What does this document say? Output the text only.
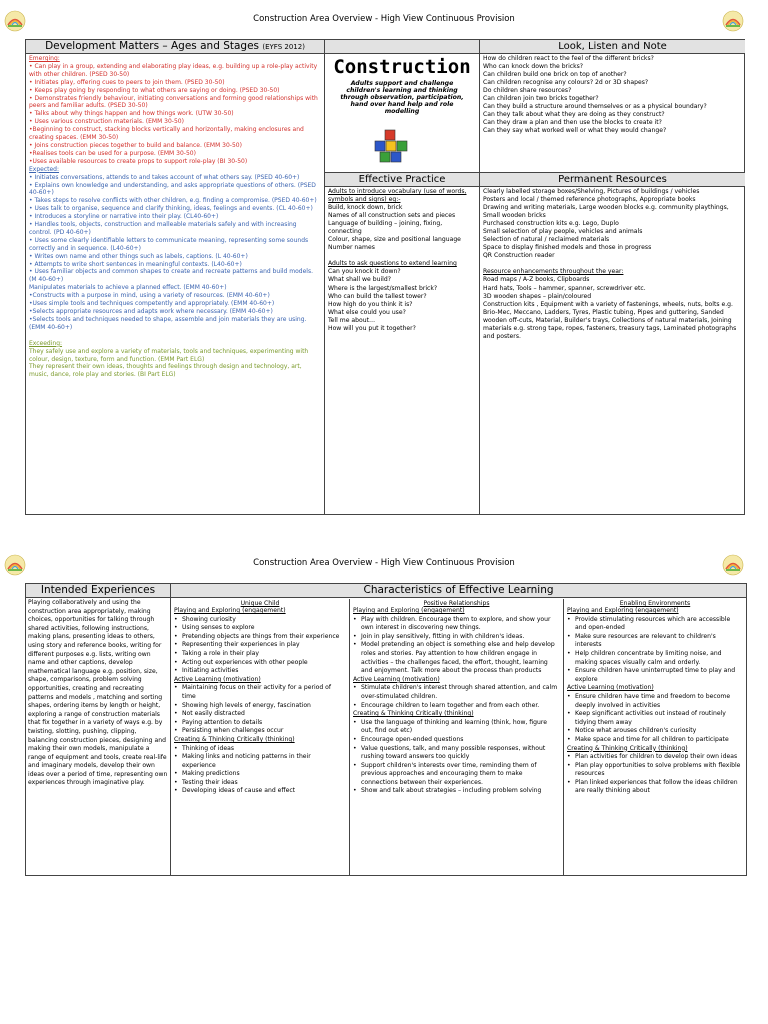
Construction Area Overview - High View Continuous Provision
Development Matters – Ages and Stages (EYFS 2012)
Emerging:
• Can play in a group, extending and elaborating play ideas, e.g. building up a role-play activity with other children. (PSED 30-50)
• Initiates play, offering cues to peers to join them. (PSED 30-50)
• Keeps play going by responding to what others are saying or doing. (PSED 30-50)
• Demonstrates friendly behaviour, initiating conversations and forming good relationships with peers and familiar adults. (PSED 30-50)
• Talks about why things happen and how things work. (UTW 30-50)
• Uses various construction materials. (EMM 30-50)
•Beginning to construct, stacking blocks vertically and horizontally, making enclosures and creating spaces. (EMM 30-50)
• Joins construction pieces together to build and balance. (EMM 30-50)
•Realises tools can be used for a purpose. (EMM 30-50)
•Uses available resources to create props to support role-play (BI 30-50)
Expected:
• Initiates conversations, attends to and takes account of what others say. (PSED 40-60+)
• Explains own knowledge and understanding, and asks appropriate questions of others. (PSED 40-60+)
• Takes steps to resolve conflicts with other children, e.g. finding a compromise. (PSED 40-60+)
• Uses talk to organise, sequence and clarify thinking, ideas, feelings and events. (CL 40-60+)
• Introduces a storyline or narrative into their play. (CL40-60+)
• Handles tools, objects, construction and malleable materials safely and with increasing control. (PD 40-60+)
• Uses some clearly identifiable letters to communicate meaning, representing some sounds correctly and in sequence. (L40-60+)
• Writes own name and other things such as labels, captions. (L 40-60+)
• Attempts to write short sentences in meaningful contexts. (L40-60+)
• Uses familiar objects and common shapes to create and recreate patterns and build models. (M 40-60+)
Manipulates materials to achieve a planned effect. (EMM 40-60+)
•Constructs with a purpose in mind, using a variety of resources. (EMM 40-60+)
•Uses simple tools and techniques competently and appropriately. (EMM 40-60+)
•Selects appropriate resources and adapts work where necessary. (EMM 40-60+)
•Selects tools and techniques needed to shape, assemble and join materials they are using. (EMM 40-60+)
Exceeding:
They safely use and explore a variety of materials, tools and techniques, experimenting with colour, design, texture, form and function. (EMM Part ELG)
They represent their own ideas, thoughts and feelings through design and technology, art, music, dance, role play and stories. (BI Part ELG)
Construction
Adults support and challenge children's learning and thinking through observation, participation, hand over hand help and role modelling
Look, Listen and Note
How do children react to the feel of the different bricks?
Who can knock down the bricks?
Can children build one brick on top of another?
Can children recognise any colours? 2d or 3D shapes?
Do children share resources?
Can children join two bricks together?
Can they build a structure around themselves or as a physical boundary?
Can they talk about what they are doing as they construct?
Can they draw a plan and then use the blocks to create it?
Can they say what worked well or what they would change?
Effective Practice
Adults to introduce vocabulary (use of words, symbols and signs) eg:-
Build, knock down, brick
Names of all construction sets and pieces
Language of building – joining, fixing, connecting
Colour, shape, size and positional language
Number names
Adults to ask questions to extend learning
Can you knock it down?
What shall we build?
Where is the largest/smallest brick?
Who can build the tallest tower?
How high do you think it is?
What else could you use?
Tell me about…
How will you put it together?
Permanent Resources
Clearly labelled storage boxes/Shelving, Pictures of buildings / vehicles
Posters and local / themed reference photographs, Appropriate books
Drawing and writing materials, Large wooden blocks e.g. community playthings, Small wooden bricks
Purchased construction kits e.g. Lego, Duplo
Small selection of play people, vehicles and animals
Selection of natural / reclaimed materials
Space to display finished models and those in progress
QR Construction reader
Resource enhancements throughout the year:
Road maps / A-Z books, Clipboards
Hard hats, Tools – hammer, spanner, screwdriver etc.
3D wooden shapes – plain/coloured
Construction kits , Equipment with a variety of fastenings, wheels, nuts, bolts e.g. Brio-Mec, Meccano, Ladders, Tyres, Plastic tubing, Pipes and guttering, Sanded wooden off-cuts, Material, Builder's trays, Collections of natural materials, Joining materials e.g. strong tape, ropes, fasteners, treasury tags, Laminated photographs and posters.
Construction Area Overview - High View Continuous Provision
Intended Experiences
Playing collaboratively and using the construction area appropriately, making choices, opportunities for talking through shared activities, following instructions, making plans, presenting ideas to others, using story and reference books, writing for different purposes e.g. lists, writing own name and other captions, develop mathematical language e.g. position, size, shape, comparisons, problem solving opportunities, creating and recreating patterns and models , matching and sorting shapes, ordering items by length or height, exploring a range of construction materials that fix together in a variety of ways e.g. by twisting, slotting, pushing, clipping, balancing construction pieces, designing and making their own models, manipulate a range of equipment and tools, create real-life and imaginary models, develop their own ideas over a period of time, representing own experiences through imaginative play.
Characteristics of Effective Learning
Unique Child
Playing and Exploring (engagement)
• Showing curiosity
• Using senses to explore
• Pretending objects are things from their experience
• Representing their experiences in play
• Taking a role in their play
• Acting out experiences with other people
• Initiating activities
Active Learning (motivation)
• Maintaining focus on their activity for a period of time
• Showing high levels of energy, fascination
• Not easily distracted
• Paying attention to details
• Persisting when challenges occur
Creating & Thinking Critically (thinking)
• Thinking of ideas
• Making links and noticing patterns in their experience
• Making predictions
• Testing their ideas
• Developing ideas of cause and effect
Positive Relationships
Playing and Exploring (engagement)
• Play with children. Encourage them to explore, and show your own interest in discovering new things.
• Join in play sensitively, fitting in with children's ideas.
• Model pretending an object is something else and help develop roles and stories. Pay attention to how children engage in activities – the challenges faced, the effort, thought, learning and enjoyment. Talk more about the process than products
Active Learning (motivation)
• Stimulate children's interest through shared attention, and calm over-stimulated children.
• Encourage children to learn together and from each other.
Creating & Thinking Critically (thinking)
• Use the language of thinking and learning (think, how, figure out, find out etc)
• Encourage open-ended questions
• Value questions, talk, and many possible responses, without rushing toward answers too quickly
• Support children's interests over time, reminding them of previous approaches and encouraging them to make connections between their experiences.
• Show and talk about strategies – including problem solving
Enabling Environments
Playing and Exploring (engagement)
• Provide stimulating resources which are accessible and open-ended
• Make sure resources are relevant to children's interests
• Help children concentrate by limiting noise, and making spaces visually calm and orderly.
• Ensure children have uninterrupted time to play and explore
Active Learning (motivation)
• Ensure children have time and freedom to become deeply involved in activities
• Keep significant activities out instead of routinely tidying them away
• Notice what arouses children's curiosity
• Make space and time for all children to participate
Creating & Thinking Critically (thinking)
• Plan activities for children to develop their own ideas
• Plan play opportunities to solve problems with flexible resources
• Plan linked experiences that follow the ideas children are really thinking about
